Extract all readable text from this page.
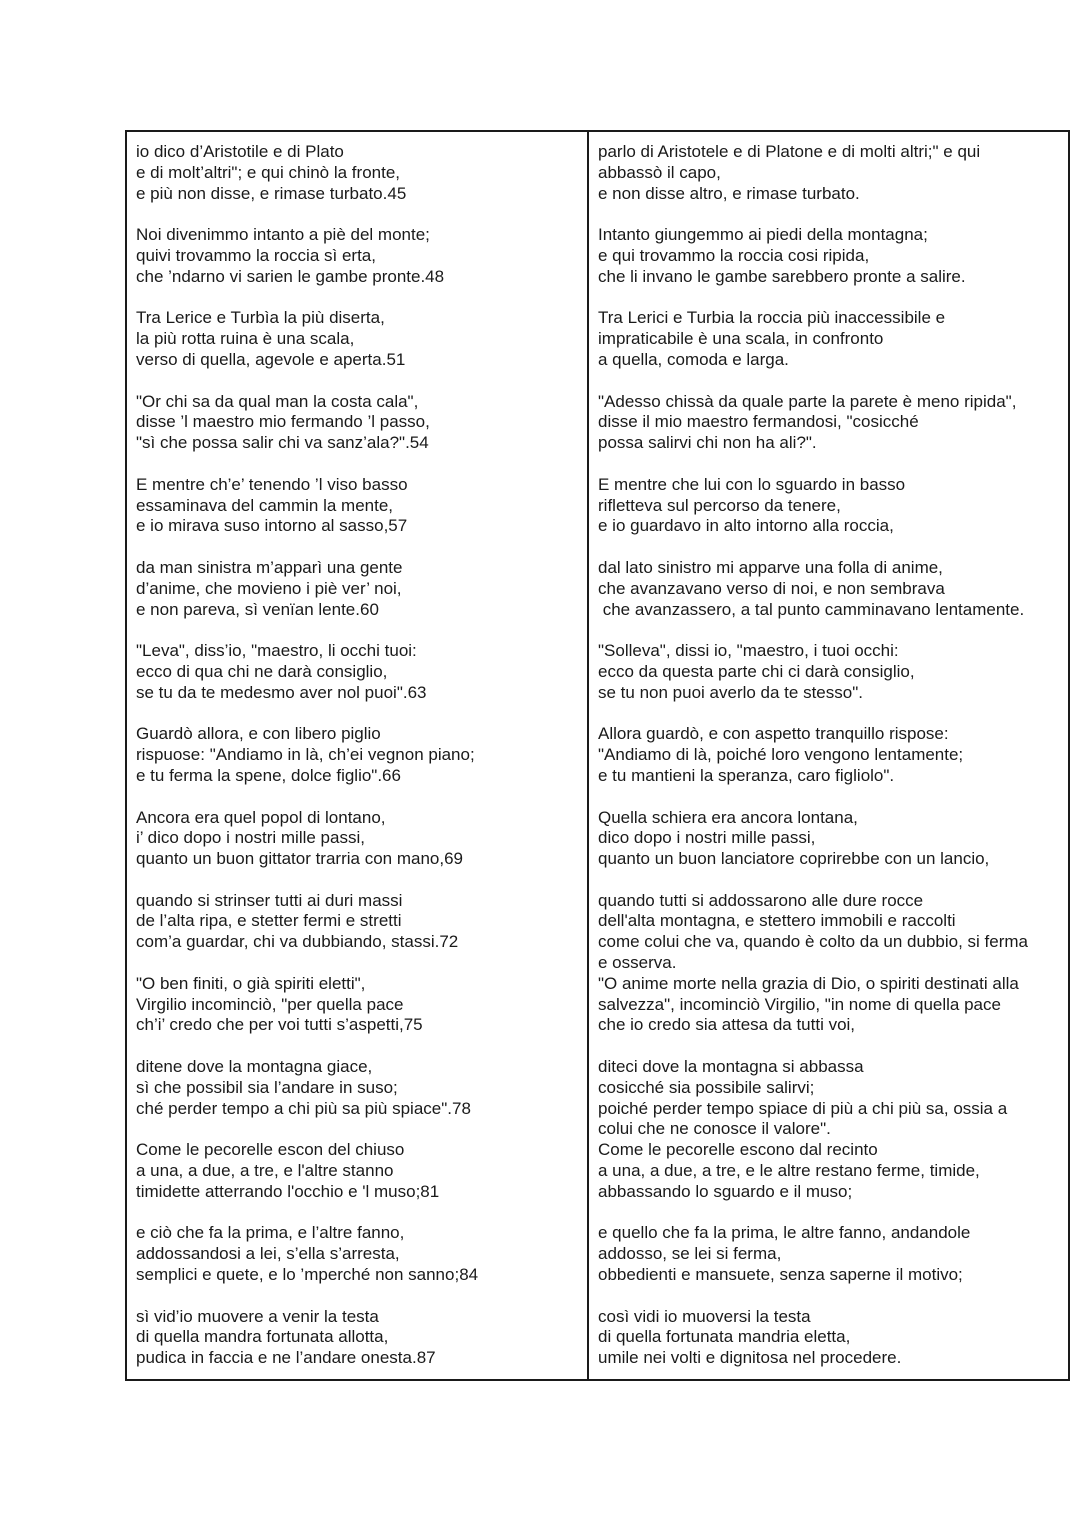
io dico d’Aristotile e di Plato
e di molt’altri"; e qui chinò la fronte,
e più non disse, e rimase turbato.45
Noi divenimmo intanto a piè del monte;
quivi trovammo la roccia sì erta,
che ’ndarno vi sarien le gambe pronte.48
Tra Lerice e Turbìa la più diserta,
la più rotta ruina è una scala,
verso di quella, agevole e aperta.51
"Or chi sa da qual man la costa cala",
disse ’l maestro mio fermando ’l passo,
"sì che possa salir chi va sanz’ala?".54
E mentre ch’e’ tenendo ’l viso basso
essaminava del cammin la mente,
e io mirava suso intorno al sasso,57
da man sinistra m’apparì una gente
d’anime, che movieno i piè ver’ noi,
e non pareva, sì venïan lente.60
"Leva", diss’io, "maestro, li occhi tuoi:
ecco di qua chi ne darà consiglio,
se tu da te medesmo aver nol puoi".63
Guardò allora, e con libero piglio
rispuose: "Andiamo in là, ch’ei vegnon piano;
e tu ferma la spene, dolce figlio".66
Ancora era quel popol di lontano,
i’ dico dopo i nostri mille passi,
quanto un buon gittator trarria con mano,69
quando si strinser tutti ai duri massi
de l’alta ripa, e stetter fermi e stretti
com’a guardar, chi va dubbiando, stassi.72
"O ben finiti, o già spiriti eletti",
Virgilio incominciò, "per quella pace
ch’i’ credo che per voi tutti s’aspetti,75
ditene dove la montagna giace,
sì che possibil sia l’andare in suso;
ché perder tempo a chi più sa più spiace".78
Come le pecorelle escon del chiuso
a una, a due, a tre, e l'altre stanno
timidette atterrando l'occhio e 'l muso;81
e ciò che fa la prima, e l’altre fanno,
addossandosi a lei, s’ella s’arresta,
semplici e quete, e lo ’mperché non sanno;84
sì vid’io muovere a venir la testa
di quella mandra fortunata allotta,
pudica in faccia e ne l’andare onesta.87
parlo di Aristotele e di Platone e di molti altri;" e qui
abbassò il capo,
e non disse altro, e rimase turbato.
Intanto giungemmo ai piedi della montagna;
e qui trovammo la roccia cosi ripida,
che li invano le gambe sarebbero pronte a salire.
Tra Lerici e Turbia la roccia più inaccessibile e
impraticabile è una scala, in confronto
a quella, comoda e larga.
"Adesso chissà da quale parte la parete è meno ripida",
disse il mio maestro fermandosi, "cosicché
possa salirvi chi non ha ali?".
E mentre che lui con lo sguardo in basso
rifletteva sul percorso da tenere,
e io guardavo in alto intorno alla roccia,
dal lato sinistro mi apparve una folla di anime,
che avanzavano verso di noi, e non sembrava
che avanzassero, a tal punto camminavano lentamente.
"Solleva", dissi io, "maestro, i tuoi occhi:
ecco da questa parte chi ci darà consiglio,
se tu non puoi averlo da te stesso".
Allora guardò, e con aspetto tranquillo rispose:
"Andiamo di là, poiché loro vengono lentamente;
e tu mantieni la speranza, caro figliolo".
Quella schiera era ancora lontana,
dico dopo i nostri mille passi,
quanto un buon lanciatore coprirebbe con un lancio,
quando tutti si addossarono alle dure rocce
dell'alta montagna, e stettero immobili e raccolti
come colui che va, quando è colto da un dubbio, si ferma
e osserva.
"O anime morte nella grazia di Dio, o spiriti destinati alla
salvezza", incominciò Virgilio, "in nome di quella pace
che io credo sia attesa da tutti voi,
diteci dove la montagna si abbassa
cosicché sia possibile salirvi;
poiché perder tempo spiace di più a chi più sa, ossia a
colui che ne conosce il valore".
Come le pecorelle escono dal recinto
a una, a due, a tre, e le altre restano ferme, timide,
abbassando lo sguardo e il muso;
e quello che fa la prima, le altre fanno, andandole
addosso, se lei si ferma,
obbedienti e mansuete, senza saperne il motivo;
così vidi io muoversi la testa
di quella fortunata mandria eletta,
umile nei volti e dignitosa nel procedere.
